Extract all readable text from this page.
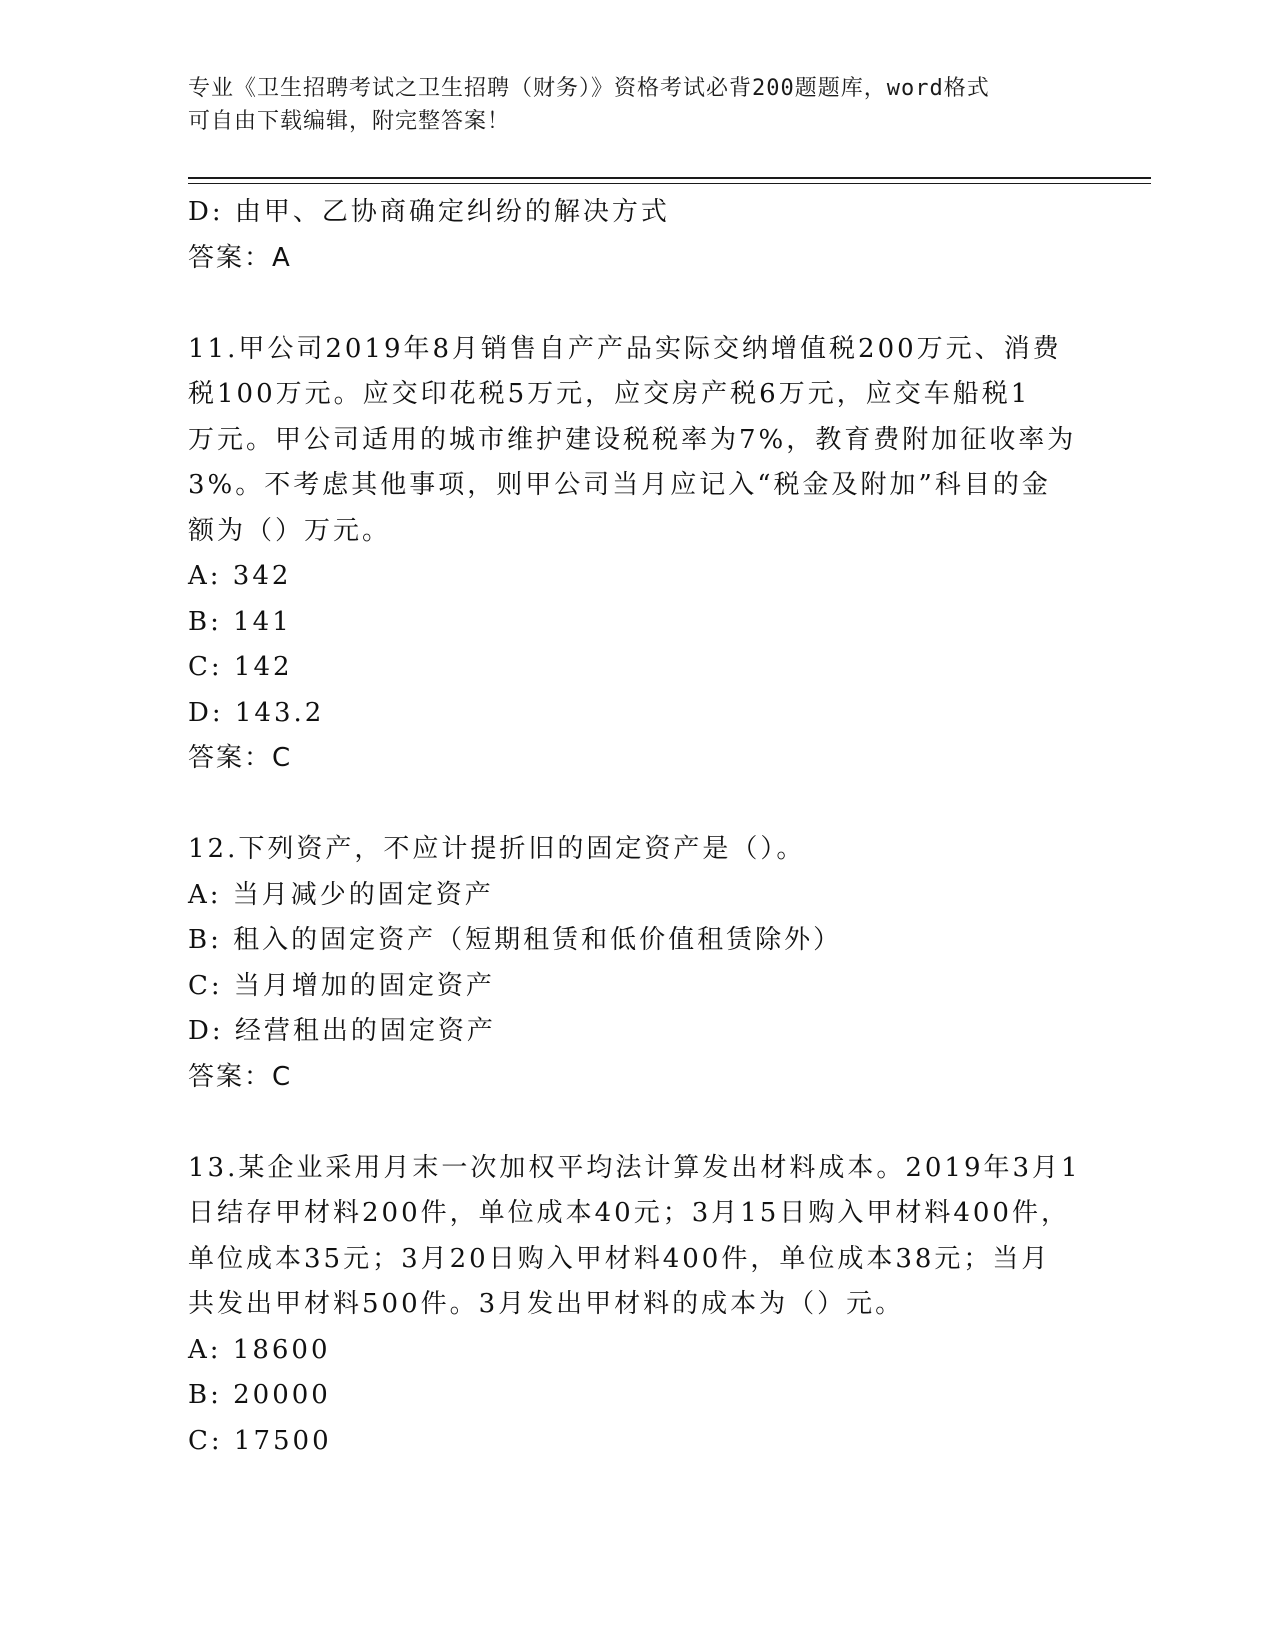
专业《卫生招聘考试之卫生招聘（财务）》资格考试必背200题题库，word格式
可自由下载编辑，附完整答案！
D: 由甲、乙协商确定纠纷的解决方式
答案：A
11.甲公司2019年8月销售自产产品实际交纳增值税200万元、消费
税100万元。应交印花税5万元，应交房产税6万元，应交车船税1
万元。甲公司适用的城市维护建设税税率为7%，教育费附加征收率为
3%。不考虑其他事项，则甲公司当月应记入“税金及附加”科目的金
额为（）万元。
A: 342
B: 141
C: 142
D: 143.2
答案：C
12.下列资产，不应计提折旧的固定资产是（）。
A: 当月减少的固定资产
B: 租入的固定资产（短期租赁和低价值租赁除外）
C: 当月增加的固定资产
D: 经营租出的固定资产
答案：C
13.某企业采用月末一次加权平均法计算发出材料成本。2019年3月1
日结存甲材料200件，单位成本40元；3月15日购入甲材料400件，
单位成本35元；3月20日购入甲材料400件，单位成本38元；当月
共发出甲材料500件。3月发出甲材料的成本为（）元。
A: 18600
B: 20000
C: 17500
